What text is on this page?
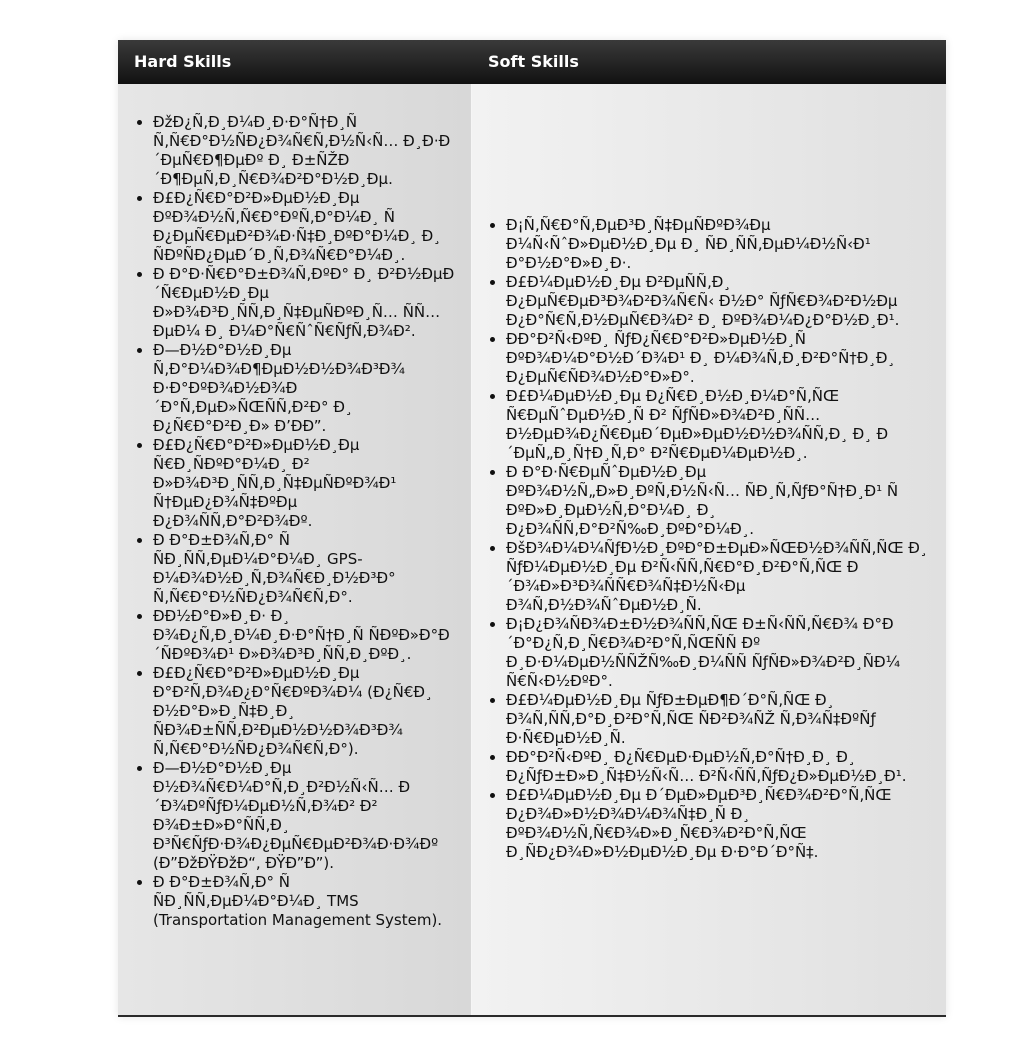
Hard Skills	Soft Skills
• ÐžÐ¿Ñ‚Ð¸Ð¼Ð¸Ð·Ð°Ñ†Ð¸Ñ Ñ‚Ñ€Ð°Ð½ÑÐ¿Ð¾Ñ€Ñ‚Ð½Ñ‹Ñ… Ð¸Ð·Ð´ÐµÑ€Ð¶ÐµÐº Ð¸ Ð±ÑŽÐ´Ð¶ÐµÑ‚Ð¸Ñ€Ð¾Ð²Ð°Ð½Ð¸Ðµ.
• Ð£Ð¿Ñ€Ð°Ð²Ð»ÐµÐ½Ð¸Ðµ ÐºÐ¾Ð½Ñ‚Ñ€Ð°ÐºÑ‚Ð°Ð¼Ð¸ Ñ Ð¿ÐµÑ€ÐµÐ²Ð¾Ð·Ñ‡Ð¸ÐºÐ°Ð¼Ð¸ Ð¸ ÑÐºÑÐ¿ÐµÐ´Ð¸Ñ‚Ð¾Ñ€Ð°Ð¼Ð¸.
• Ð Ð°Ð·Ñ€Ð°Ð±Ð¾Ñ‚ÐºÐ° Ð¸ Ð²Ð½ÐµÐ´Ñ€ÐµÐ½Ð¸Ðµ Ð»Ð¾Ð³Ð¸ÑÑ‚Ð¸Ñ‡ÐµÑÐºÐ¸Ñ… ÑÑ…ÐµÐ¼ Ð¸ Ð¼Ð°Ñ€ÑˆÑ€ÑƒÑ‚Ð¾Ð².
• Ð—Ð½Ð°Ð½Ð¸Ðµ Ñ‚Ð°Ð¼Ð¾Ð¶ÐµÐ½Ð½Ð¾Ð³Ð¾ Ð·Ð°ÐºÐ¾Ð½Ð¾Ð´Ð°Ñ‚ÐµÐ»ÑŒÑÑ‚Ð²Ð° Ð¸ Ð¿Ñ€Ð°Ð²Ð¸Ð» Ð’ÐÐ”.
• Ð£Ð¿Ñ€Ð°Ð²Ð»ÐµÐ½Ð¸Ðµ Ñ€Ð¸ÑÐºÐ°Ð¼Ð¸ Ð² Ð»Ð¾Ð³Ð¸ÑÑ‚Ð¸Ñ‡ÐµÑÐºÐ¾Ð¹ Ñ†ÐµÐ¿Ð¾Ñ‡ÐºÐµ Ð¿Ð¾ÑÑ‚Ð°Ð²Ð¾Ðº.
• Ð Ð°Ð±Ð¾Ñ‚Ð° Ñ ÑÐ¸ÑÑ‚ÐµÐ¼Ð°Ð¼Ð¸ GPS-Ð¼Ð¾Ð½Ð¸Ñ‚Ð¾Ñ€Ð¸Ð½Ð³Ð° Ñ‚Ñ€Ð°Ð½ÑÐ¿Ð¾Ñ€Ñ‚Ð°.
• ÐÐ½Ð°Ð»Ð¸Ð· Ð¸ Ð¾Ð¿Ñ‚Ð¸Ð¼Ð¸Ð·Ð°Ñ†Ð¸Ñ ÑÐºÐ»Ð°Ð´ÑÐºÐ¾Ð¹ Ð»Ð¾Ð³Ð¸ÑÑ‚Ð¸ÐºÐ¸.
• Ð£Ð¿Ñ€Ð°Ð²Ð»ÐµÐ½Ð¸Ðµ Ð°Ð²Ñ‚Ð¾Ð¿Ð°Ñ€ÐºÐ¾Ð¼ (Ð¿Ñ€Ð¸ Ð½Ð°Ð»Ð¸Ñ‡Ð¸Ð¸ ÑÐ¾Ð±ÑÑ‚Ð²ÐµÐ½Ð½Ð¾Ð³Ð¾ Ñ‚Ñ€Ð°Ð½ÑÐ¿Ð¾Ñ€Ñ‚Ð°).
• Ð—Ð½Ð°Ð½Ð¸Ðµ Ð½Ð¾Ñ€Ð¼Ð°Ñ‚Ð¸Ð²Ð½Ñ‹Ñ… Ð´Ð¾ÐºÑƒÐ¼ÐµÐ½Ñ‚Ð¾Ð² Ð² Ð¾Ð±Ð»Ð°ÑÑ‚Ð¸ Ð³Ñ€ÑƒÐ·Ð¾Ð¿ÐµÑ€ÐµÐ²Ð¾Ð·Ð¾Ðº (Ð”ÐžÐŸÐžÐ“, ÐŸÐ”Ð”).
• Ð Ð°Ð±Ð¾Ñ‚Ð° Ñ ÑÐ¸ÑÑ‚ÐµÐ¼Ð°Ð¼Ð¸ TMS (Transportation Management System).
• Ð¡Ñ‚Ñ€Ð°Ñ‚ÐµÐ³Ð¸Ñ‡ÐµÑÐºÐ¾Ðµ Ð¼Ñ‹ÑˆÐ»ÐµÐ½Ð¸Ðµ Ð¸ ÑÐ¸ÑÑ‚ÐµÐ¼Ð½Ñ‹Ð¹ Ð°Ð½Ð°Ð»Ð¸Ð·.
• Ð£Ð¼ÐµÐ½Ð¸Ðµ Ð²ÐµÑÑ‚Ð¸ Ð¿ÐµÑ€ÐµÐ³Ð¾Ð²Ð¾Ñ€Ñ‹ Ð½Ð° ÑƒÑ€Ð¾Ð²Ð½Ðµ Ð¿Ð°Ñ€Ñ‚Ð½ÐµÑ€Ð¾Ð² Ð¸ ÐºÐ¾Ð¼Ð¿Ð°Ð½Ð¸Ð¹.
• ÐÐ°Ð²Ñ‹ÐºÐ¸ ÑƒÐ¿Ñ€Ð°Ð²Ð»ÐµÐ½Ð¸Ñ ÐºÐ¾Ð¼Ð°Ð½Ð´Ð¾Ð¹ Ð¸ Ð¼Ð¾Ñ‚Ð¸Ð²Ð°Ñ†Ð¸Ð¸ Ð¿ÐµÑ€ÑÐ¾Ð½Ð°Ð»Ð°.
• Ð£Ð¼ÐµÐ½Ð¸Ðµ Ð¿Ñ€Ð¸Ð½Ð¸Ð¼Ð°Ñ‚ÑŒ Ñ€ÐµÑˆÐµÐ½Ð¸Ñ Ð² ÑƒÑÐ»Ð¾Ð²Ð¸ÑÑ… Ð½ÐµÐ¾Ð¿Ñ€ÐµÐ´ÐµÐ»ÐµÐ½Ð½Ð¾ÑÑ‚Ð¸ Ð¸ Ð´ÐµÑ„Ð¸Ñ†Ð¸Ñ‚Ð° Ð²Ñ€ÐµÐ¼ÐµÐ½Ð¸.
• Ð Ð°Ð·Ñ€ÐµÑˆÐµÐ½Ð¸Ðµ ÐºÐ¾Ð½Ñ„Ð»Ð¸ÐºÑ‚Ð½Ñ‹Ñ… ÑÐ¸Ñ‚ÑƒÐ°Ñ†Ð¸Ð¹ Ñ ÐºÐ»Ð¸ÐµÐ½Ñ‚Ð°Ð¼Ð¸ Ð¸ Ð¿Ð¾ÑÑ‚Ð°Ð²Ñ‰Ð¸ÐºÐ°Ð¼Ð¸.
• ÐšÐ¾Ð¼Ð¼ÑƒÐ½Ð¸ÐºÐ°Ð±ÐµÐ»ÑŒÐ½Ð¾ÑÑ‚ÑŒ Ð¸ ÑƒÐ¼ÐµÐ½Ð¸Ðµ Ð²Ñ‹ÑÑ‚Ñ€Ð°Ð¸Ð²Ð°Ñ‚ÑŒ Ð´Ð¾Ð»Ð³Ð¾ÑÑ€Ð¾Ñ‡Ð½Ñ‹Ðµ Ð¾Ñ‚Ð½Ð¾ÑˆÐµÐ½Ð¸Ñ.
• Ð¡Ð¿Ð¾ÑÐ¾Ð±Ð½Ð¾ÑÑ‚ÑŒ Ð±Ñ‹ÑÑ‚Ñ€Ð¾ Ð°Ð´Ð°Ð¿Ñ‚Ð¸Ñ€Ð¾Ð²Ð°Ñ‚ÑŒÑÑ Ðº Ð¸Ð·Ð¼ÐµÐ½ÑÑŽÑ‰Ð¸Ð¼ÑÑ ÑƒÑÐ»Ð¾Ð²Ð¸ÑÐ¼ Ñ€Ñ‹Ð½ÐºÐ°.
• Ð£Ð¼ÐµÐ½Ð¸Ðµ ÑƒÐ±ÐµÐ¶Ð´Ð°Ñ‚ÑŒ Ð¸ Ð¾Ñ‚ÑÑ‚Ð°Ð¸Ð²Ð°Ñ‚ÑŒ ÑÐ²Ð¾ÑŽ Ñ‚Ð¾Ñ‡ÐºÑƒ Ð·Ñ€ÐµÐ½Ð¸Ñ.
• ÐÐ°Ð²Ñ‹ÐºÐ¸ Ð¿Ñ€ÐµÐ·ÐµÐ½Ñ‚Ð°Ñ†Ð¸Ð¸ Ð¸ Ð¿ÑƒÐ±Ð»Ð¸Ñ‡Ð½Ñ‹Ñ… Ð²Ñ‹ÑÑ‚ÑƒÐ¿Ð»ÐµÐ½Ð¸Ð¹.
• Ð£Ð¼ÐµÐ½Ð¸Ðµ Ð´ÐµÐ»ÐµÐ³Ð¸Ñ€Ð¾Ð²Ð°Ñ‚ÑŒ Ð¿Ð¾Ð»Ð½Ð¾Ð¼Ð¾Ñ‡Ð¸Ñ Ð¸ ÐºÐ¾Ð½Ñ‚Ñ€Ð¾Ð»Ð¸Ñ€Ð¾Ð²Ð°Ñ‚ÑŒ Ð¸ÑÐ¿Ð¾Ð»Ð½ÐµÐ½Ð¸Ðµ Ð·Ð°Ð´Ð°Ñ‡.
